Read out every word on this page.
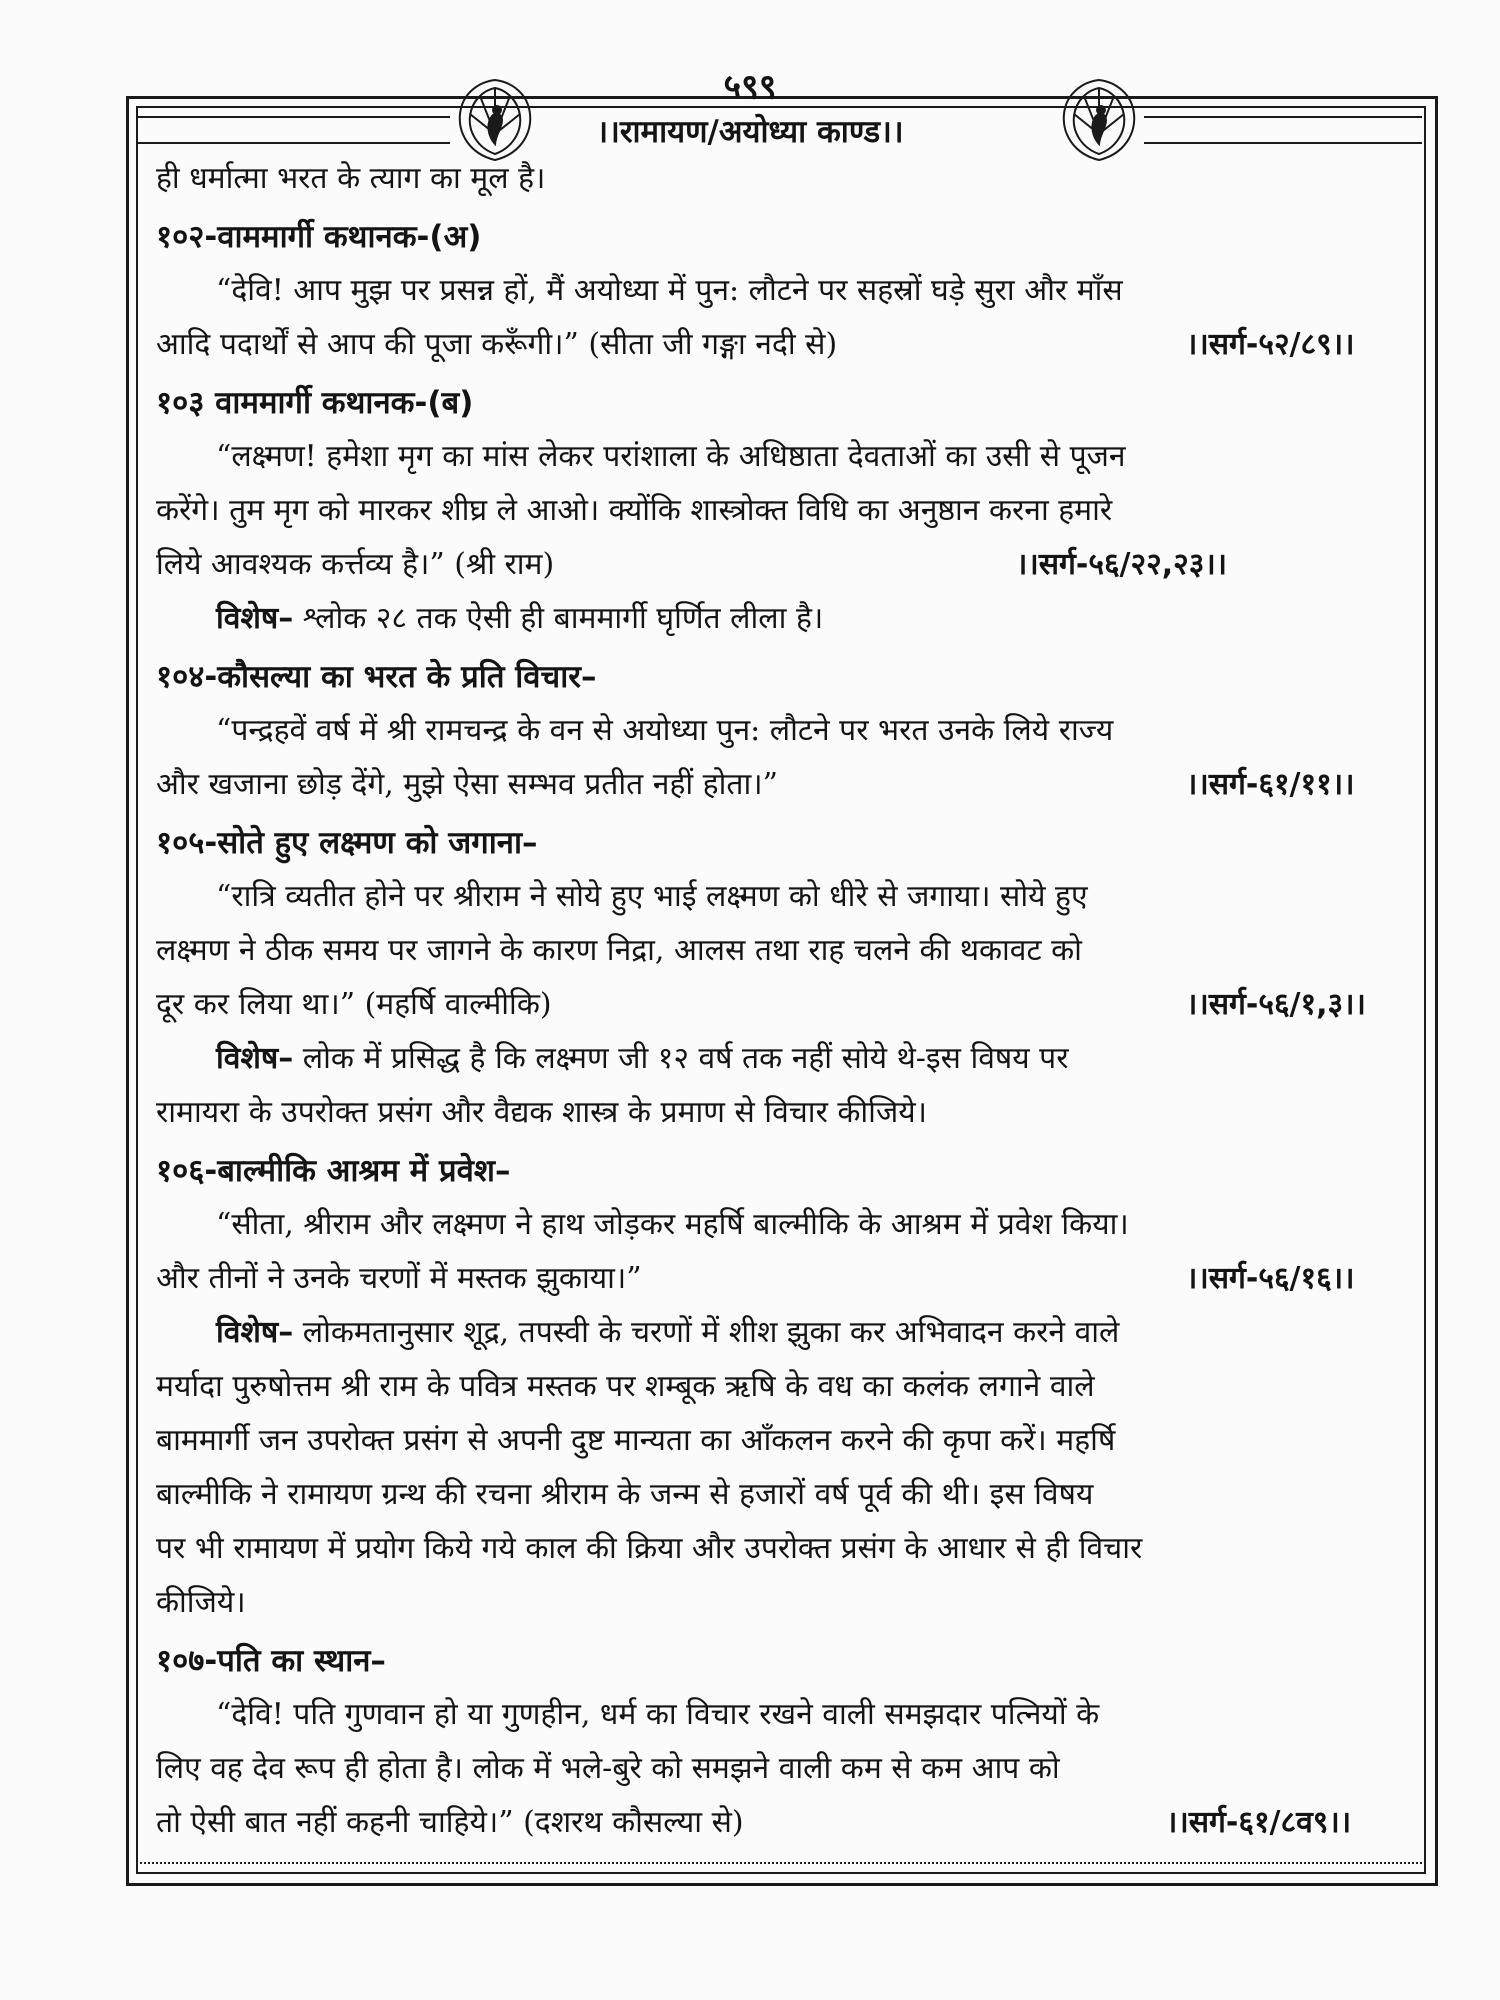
५९९
।।रामायण/अयोध्या काण्ड।।
ही धर्मात्मा भरत के त्याग का मूल है।
१०२-वाममार्गी कथानक-(अ)
“देवि! आप मुझ पर प्रसन्न हों, मैं अयोध्या में पुन: लौटने पर सहस्रों घड़े सुरा और माँस
आदि पदार्थों से आप की पूजा करूँगी।” (सीता जी गङ्गा नदी से)	।।सर्ग-५२/८९।।
१०३ वाममार्गी कथानक-(ब)
“लक्ष्मण! हमेशा मृग का मांस लेकर परांशाला के अधिष्ठाता देवताओं का उसी से पूजन
करेंगे। तुम मृग को मारकर शीघ्र ले आओ। क्योंकि शास्त्रोक्त विधि का अनुष्ठान करना हमारे
लिये आवश्यक कर्त्तव्य है।” (श्री राम)	।।सर्ग-५६/२२,२३।।
विशेष– श्लोक २८ तक ऐसी ही बाममार्गी घृर्णित लीला है।
१०४-कौसल्या का भरत के प्रति विचार–
“पन्द्रहवें वर्ष में श्री रामचन्द्र के वन से अयोध्या पुन: लौटने पर भरत उनके लिये राज्य
और खजाना छोड़ देंगे, मुझे ऐसा सम्भव प्रतीत नहीं होता।”	।।सर्ग-६१/११।।
१०५-सोते हुए लक्ष्मण को जगाना–
“रात्रि व्यतीत होने पर श्रीराम ने सोये हुए भाई लक्ष्मण को धीरे से जगाया। सोये हुए
लक्ष्मण ने ठीक समय पर जागने के कारण निद्रा, आलस तथा राह चलने की थकावट को
दूर कर लिया था।” (महर्षि वाल्मीकि)	।।सर्ग-५६/१,३।।
विशेष– लोक में प्रसिद्ध है कि लक्ष्मण जी १२ वर्ष तक नहीं सोये थे-इस विषय पर
रामायरा के उपरोक्त प्रसंग और वैद्यक शास्त्र के प्रमाण से विचार कीजिये।
१०६-बाल्मीकि आश्रम में प्रवेश–
“सीता, श्रीराम और लक्ष्मण ने हाथ जोड़कर महर्षि बाल्मीकि के आश्रम में प्रवेश किया।
और तीनों ने उनके चरणों में मस्तक झुकाया।”	।।सर्ग-५६/१६।।
विशेष– लोकमतानुसार शूद्र, तपस्वी के चरणों में शीश झुका कर अभिवादन करने वाले
मर्यादा पुरुषोत्तम श्री राम के पवित्र मस्तक पर शम्बूक ऋषि के वध का कलंक लगाने वाले
बाममार्गी जन उपरोक्त प्रसंग से अपनी दुष्ट मान्यता का आँकलन करने की कृपा करें। महर्षि
बाल्मीकि ने रामायण ग्रन्थ की रचना श्रीराम के जन्म से हजारों वर्ष पूर्व की थी। इस विषय
पर भी रामायण में प्रयोग किये गये काल की क्रिया और उपरोक्त प्रसंग के आधार से ही विचार
कीजिये।
१०७-पति का स्थान–
“देवि! पति गुणवान हो या गुणहीन, धर्म का विचार रखने वाली समझदार पत्नियों के
लिए वह देव रूप ही होता है। लोक में भले-बुरे को समझने वाली कम से कम आप को
तो ऐसी बात नहीं कहनी चाहिये।” (दशरथ कौसल्या से)	।।सर्ग-६१/८व९।।
